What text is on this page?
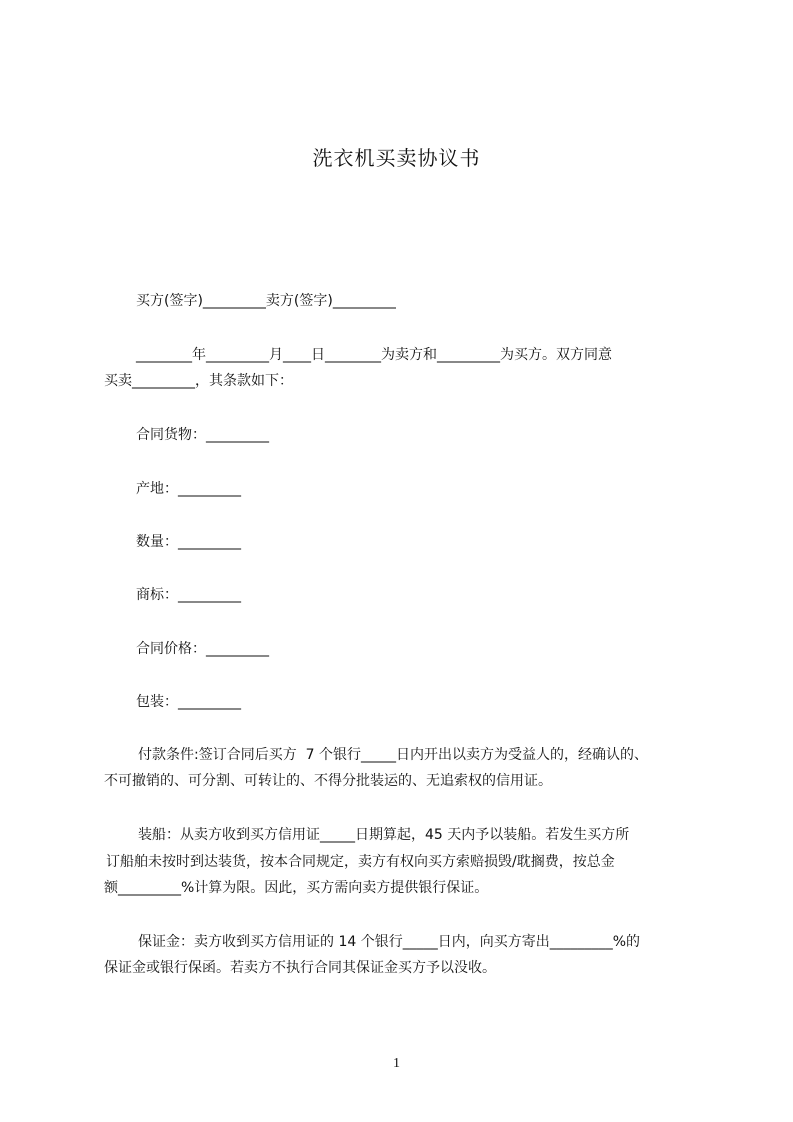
洗衣机买卖协议书
买方(签字)_________卖方(签字)_________
________年_________月____日________为卖方和_________为买方。双方同意
买卖_________，其条款如下：
合同货物：_________
产地：_________
数量：_________
商标：_________
合同价格：_________
包装：_________
付款条件:签订合同后买方  7 个银行_____日内开出以卖方为受益人的，经确认的、
不可撤销的、可分割、可转让的、不得分批装运的、无追索权的信用证。
装船：从卖方收到买方信用证_____日期算起，45 天内予以装船。若发生买方所
订船舶未按时到达装货，按本合同规定，卖方有权向买方索赔损毁/耽搁费，按总金
额_________%计算为限。因此，买方需向卖方提供银行保证。
保证金：卖方收到买方信用证的 14 个银行_____日内，向买方寄出_________%的
保证金或银行保函。若卖方不执行合同其保证金买方予以没收。
1
